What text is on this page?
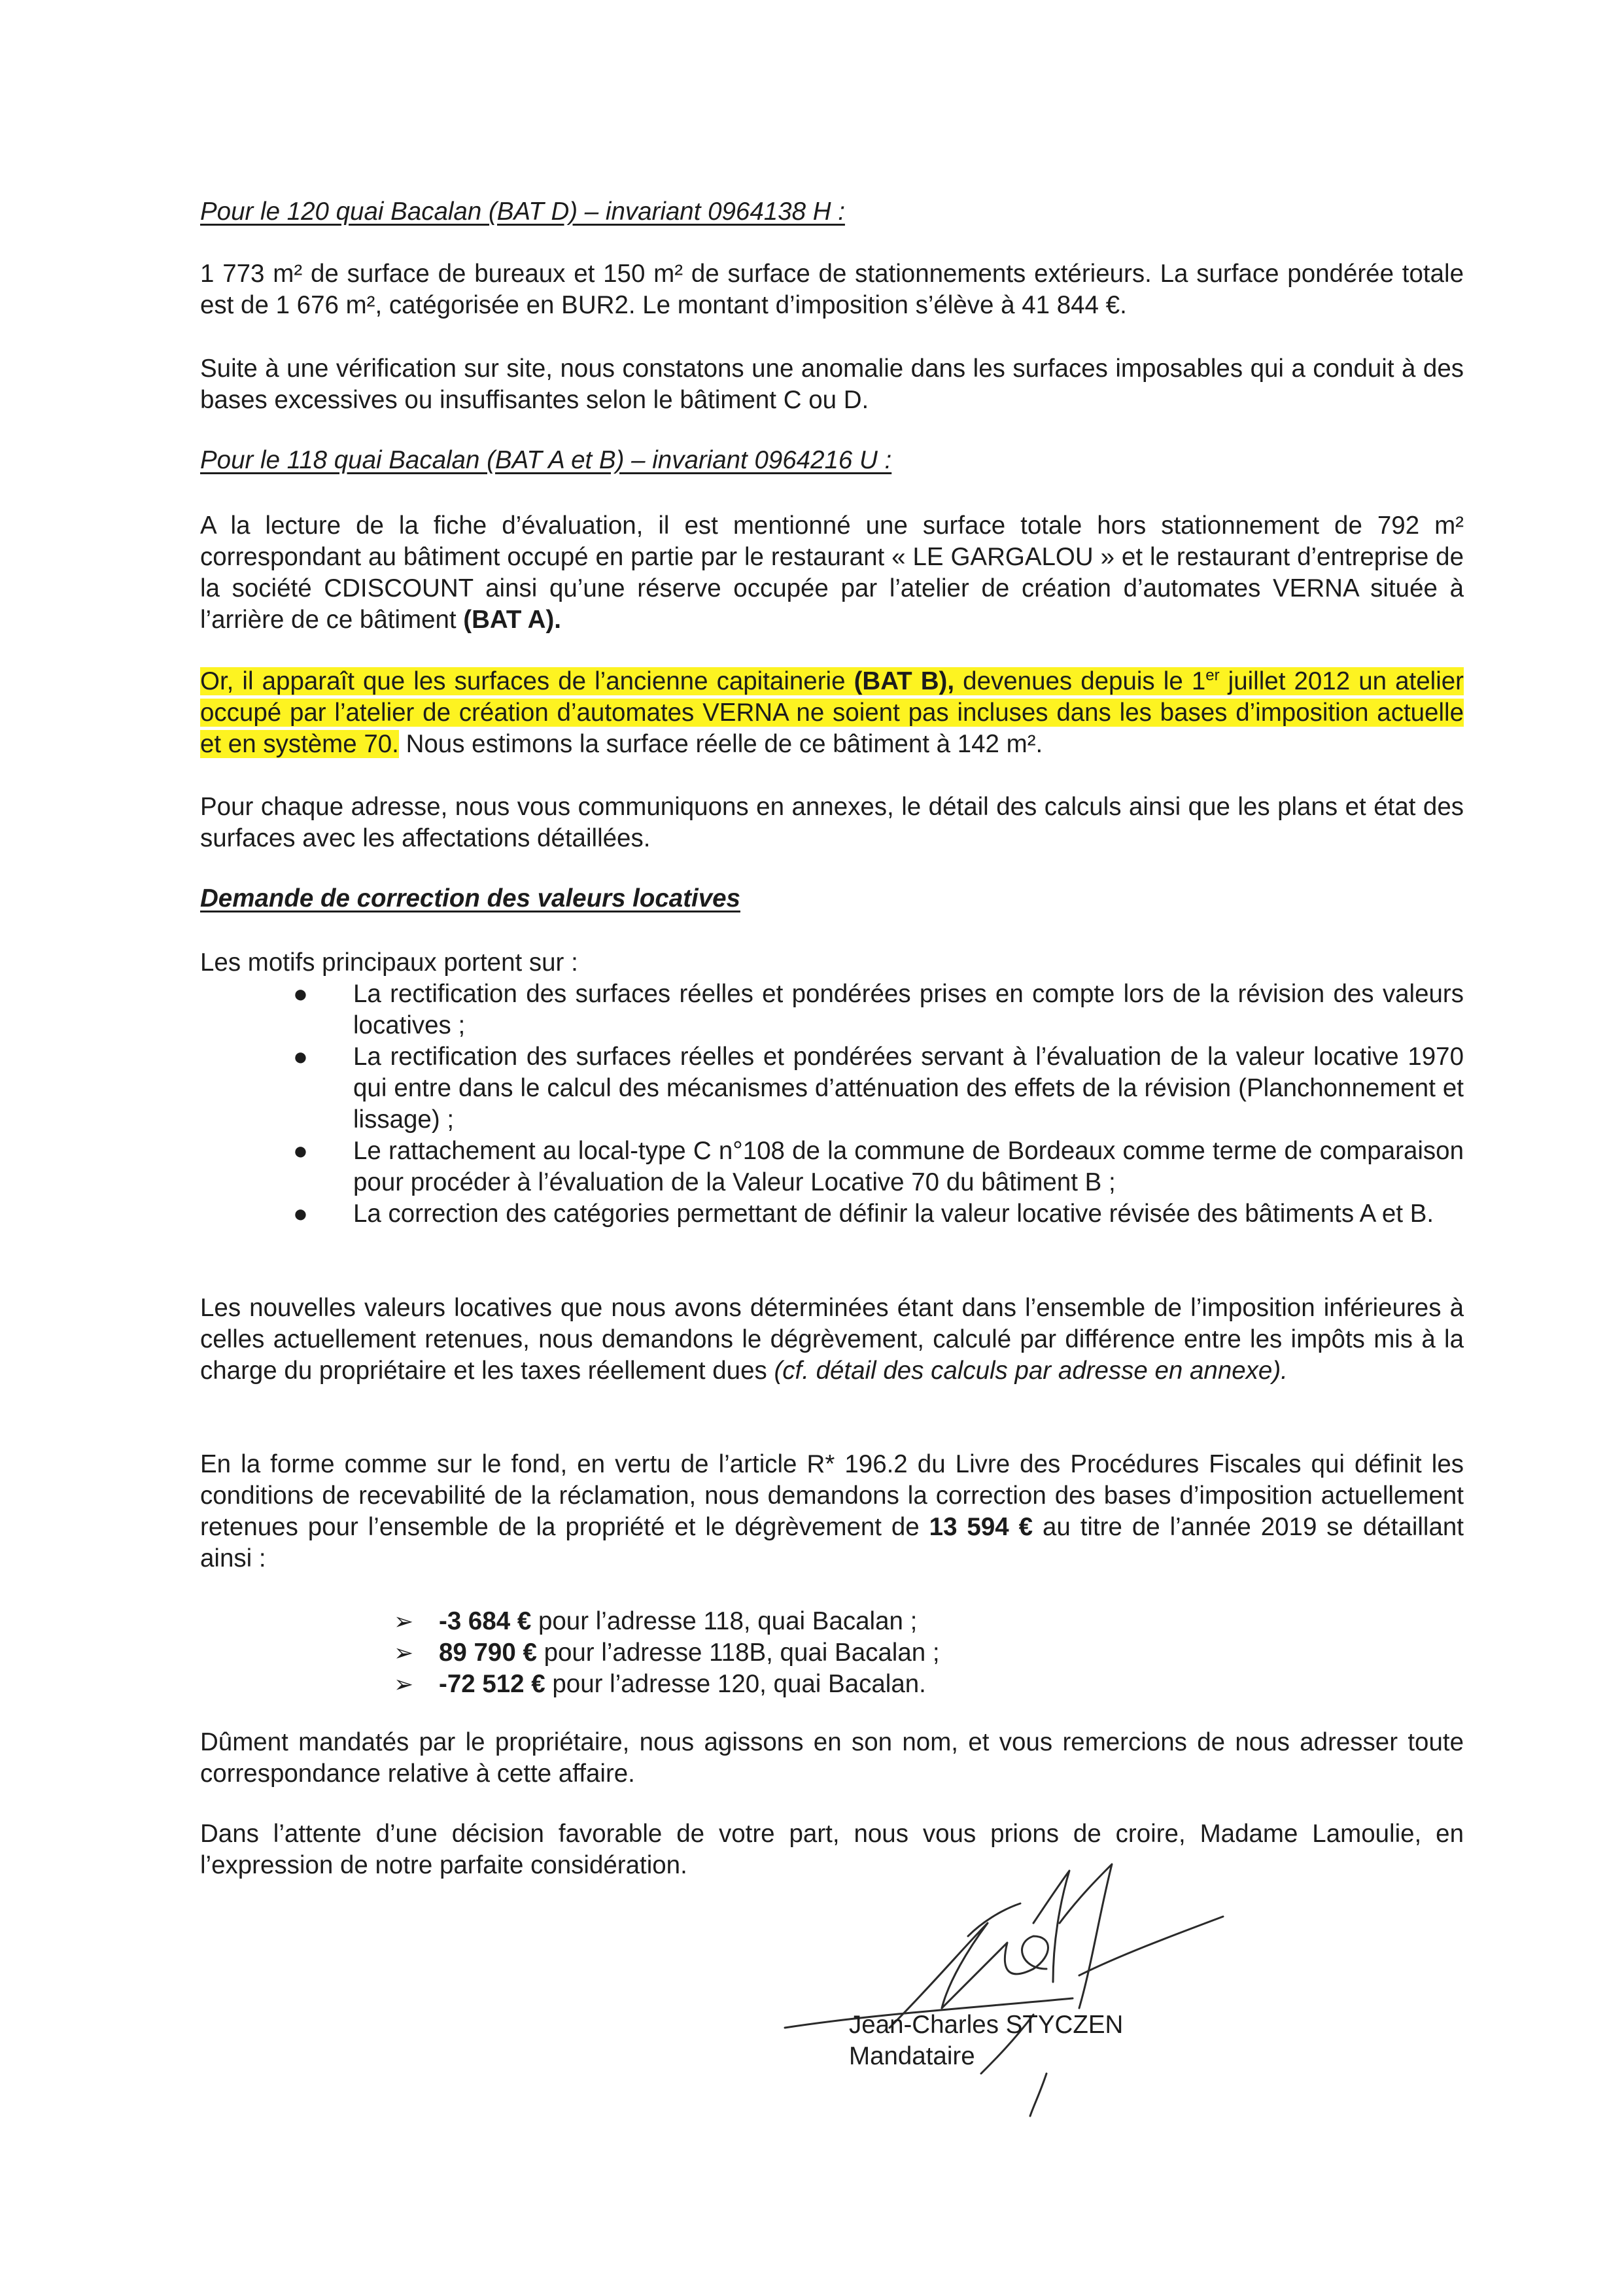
Pour le 120 quai Bacalan (BAT D) – invariant 0964138 H :
1 773 m² de surface de bureaux et 150 m² de surface de stationnements extérieurs. La surface pondérée totale est de 1 676 m², catégorisée en BUR2. Le montant d’imposition s’élève à 41 844 €.
Suite à une vérification sur site, nous constatons une anomalie dans les surfaces imposables qui a conduit à des bases excessives ou insuffisantes selon le bâtiment C ou D.
Pour le 118 quai Bacalan (BAT A et B) – invariant 0964216 U :
A la lecture de la fiche d’évaluation, il est mentionné une surface totale hors stationnement de 792 m² correspondant au bâtiment occupé en partie par le restaurant « LE GARGALOU » et le restaurant d’entreprise de la société CDISCOUNT ainsi qu’une réserve occupée par l’atelier de création d’automates VERNA située à l’arrière de ce bâtiment (BAT A).
Or, il apparaît que les surfaces de l’ancienne capitainerie (BAT B), devenues depuis le 1er juillet 2012 un atelier occupé par l’atelier de création d’automates VERNA ne soient pas incluses dans les bases d’imposition actuelle et en système 70. Nous estimons la surface réelle de ce bâtiment à 142 m².
Pour chaque adresse, nous vous communiquons en annexes, le détail des calculs ainsi que les plans et état des surfaces avec les affectations détaillées.
Demande de correction des valeurs locatives
Les motifs principaux portent sur :
● La rectification des surfaces réelles et pondérées prises en compte lors de la révision des valeurs locatives ;
● La rectification des surfaces réelles et pondérées servant à l’évaluation de la valeur locative 1970 qui entre dans le calcul des mécanismes d’atténuation des effets de la révision (Planchonnement et lissage) ;
● Le rattachement au local-type C n°108 de la commune de Bordeaux comme terme de comparaison pour procéder à l’évaluation de la Valeur Locative 70 du bâtiment B ;
● La correction des catégories permettant de définir la valeur locative révisée des bâtiments A et B.
Les nouvelles valeurs locatives que nous avons déterminées étant dans l’ensemble de l’imposition inférieures à celles actuellement retenues, nous demandons le dégrèvement, calculé par différence entre les impôts mis à la charge du propriétaire et les taxes réellement dues (cf. détail des calculs par adresse en annexe).
En la forme comme sur le fond, en vertu de l’article R* 196.2 du Livre des Procédures Fiscales qui définit les conditions de recevabilité de la réclamation, nous demandons la correction des bases d’imposition actuellement retenues pour l’ensemble de la propriété et le dégrèvement de 13 594 € au titre de l’année 2019 se détaillant ainsi :
➢ -3 684 € pour l’adresse 118, quai Bacalan ;
➢ 89 790 € pour l’adresse 118B, quai Bacalan ;
➢ -72 512 € pour l’adresse 120, quai Bacalan.
Dûment mandatés par le propriétaire, nous agissons en son nom, et vous remercions de nous adresser toute correspondance relative à cette affaire.
Dans l’attente d’une décision favorable de votre part, nous vous prions de croire, Madame Lamoulie, en l’expression de notre parfaite considération.
Jean-Charles STYCZEN
Mandataire
